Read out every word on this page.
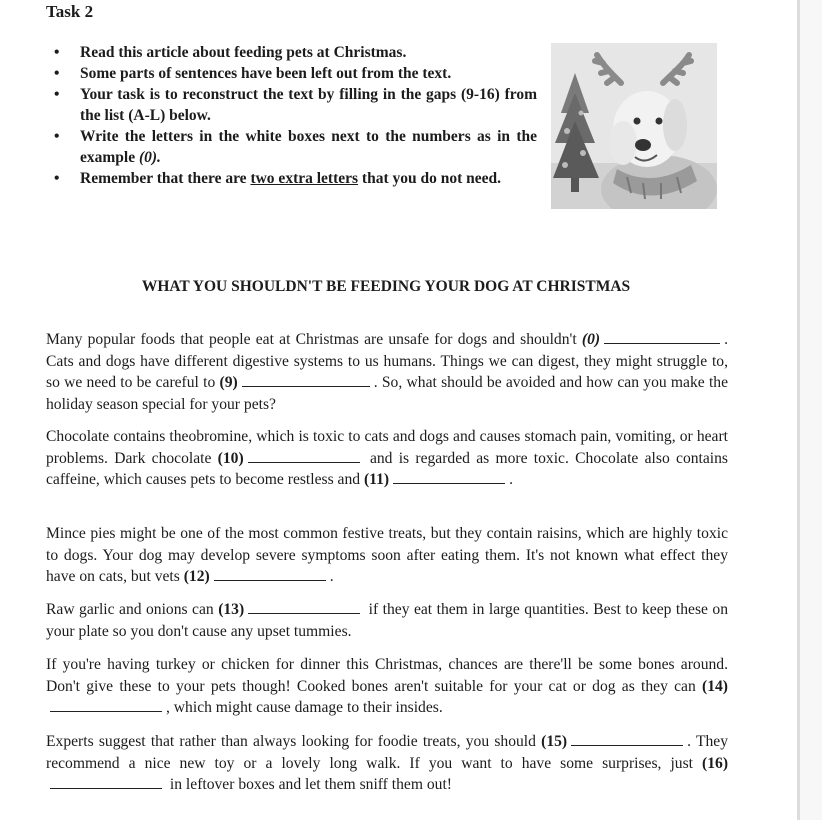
Task 2
• Read this article about feeding pets at Christmas.
• Some parts of sentences have been left out from the text.
• Your task is to reconstruct the text by filling in the gaps (9-16) from the list (A-L) below.
• Write the letters in the white boxes next to the numbers as in the example (0).
• Remember that there are two extra letters that you do not need.
WHAT YOU SHOULDN'T BE FEEDING YOUR DOG AT CHRISTMAS

Many popular foods that people eat at Christmas are unsafe for dogs and shouldn't (0)	. Cats and dogs have different digestive systems to us humans. Things we can digest, they might struggle to, so we need to be careful to (9)	. So, what should be avoided and how can you make the holiday season special for your pets?

Chocolate contains theobromine, which is toxic to cats and dogs and causes stomach pain, vomiting, or heart problems. Dark chocolate (10)	and is regarded as more toxic. Chocolate also contains caffeine, which causes pets to become restless and (11)	.

Mince pies might be one of the most common festive treats, but they contain raisins, which are highly toxic to dogs. Your dog may develop severe symptoms soon after eating them. It's not known what effect they have on cats, but vets (12)	.

Raw garlic and onions can (13)	if they eat them in large quantities. Best to keep these on your plate so you don't cause any upset tummies.

If you're having turkey or chicken for dinner this Christmas, chances are there'll be some bones around. Don't give these to your pets though! Cooked bones aren't suitable for your cat or dog as they can (14), which might cause damage to their insides.

Experts suggest that rather than always looking for foodie treats, you should (15)	. They recommend a nice new toy or a lovely long walk. If you want to have some surprises, just (16) in leftover boxes and let them sniff them out!
